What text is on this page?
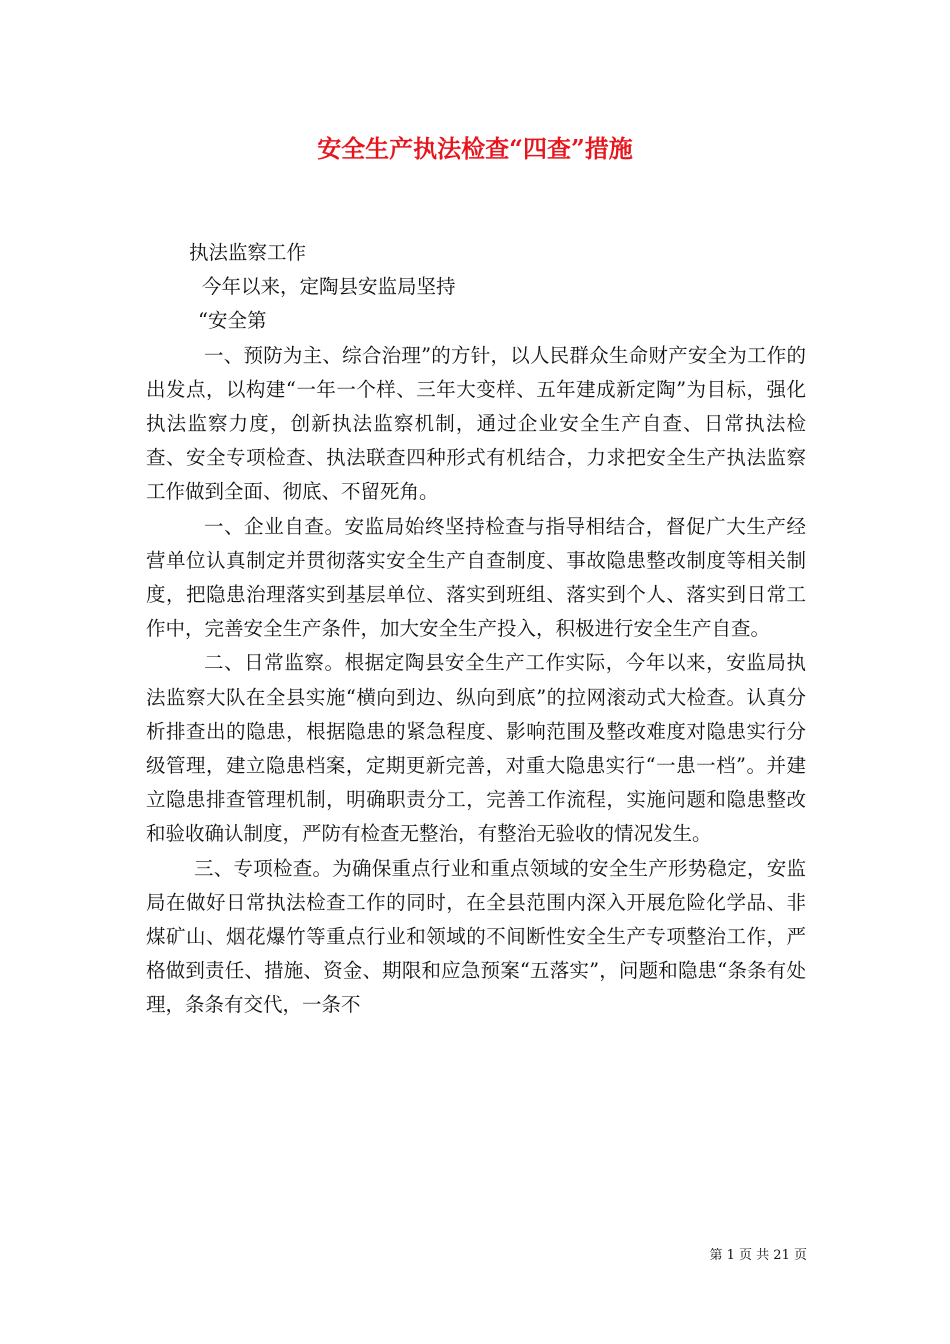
安全生产执法检查“四查”措施

执法监察工作

今年以来，定陶县安监局坚持

“安全第

一、预防为主、综合治理”的方针，以人民群众生命财产安全为工作的出发点，以构建“一年一个样、三年大变样、五年建成新定陶”为目标，强化执法监察力度，创新执法监察机制，通过企业安全生产自查、日常执法检查、安全专项检查、执法联查四种形式有机结合，力求把安全生产执法监察工作做到全面、彻底、不留死角。

一、企业自查。安监局始终坚持检查与指导相结合，督促广大生产经营单位认真制定并贯彻落实安全生产自查制度、事故隐患整改制度等相关制度，把隐患治理落实到基层单位、落实到班组、落实到个人、落实到日常工作中，完善安全生产条件，加大安全生产投入，积极进行安全生产自查。

二、日常监察。根据定陶县安全生产工作实际，今年以来，安监局执法监察大队在全县实施“横向到边、纵向到底”的拉网滚动式大检查。认真分析排查出的隐患，根据隐患的紧急程度、影响范围及整改难度对隐患实行分级管理，建立隐患档案，定期更新完善，对重大隐患实行“一患一档”。并建立隐患排查管理机制，明确职责分工，完善工作流程，实施问题和隐患整改和验收确认制度，严防有检查无整治，有整治无验收的情况发生。

三、专项检查。为确保重点行业和重点领域的安全生产形势稳定，安监局在做好日常执法检查工作的同时，在全县范围内深入开展危险化学品、非煤矿山、烟花爆竹等重点行业和领域的不间断性安全生产专项整治工作，严格做到责任、措施、资金、期限和应急预案“五落实”，问题和隐患“条条有处理，条条有交代，一条不

第 1 页 共 21 页
